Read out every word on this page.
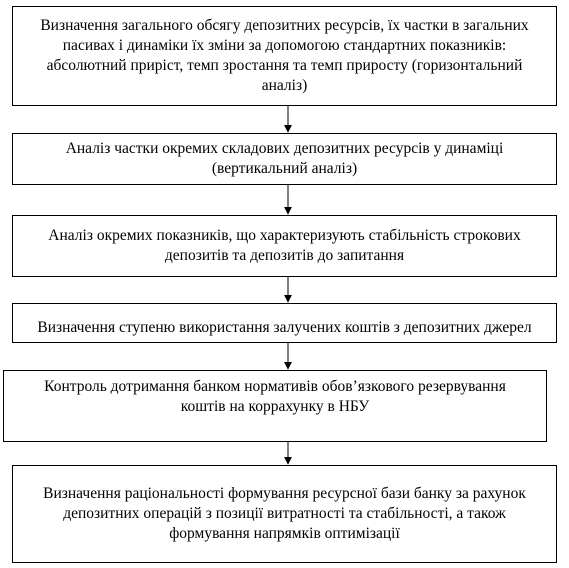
Визначення загального обсягу депозитних ресурсів, їх частки в загальних пасивах і динаміки їх зміни за допомогою стандартних показників: абсолютний приріст, темп зростання та темп приросту (горизонтальний аналіз)
Аналіз частки окремих складових депозитних ресурсів у динаміці (вертикальний аналіз)
Аналіз окремих показників, що характеризують стабільність строкових депозитів та депозитів до запитання
Визначення ступеню використання залучених коштів з депозитних джерел
Контроль дотримання банком нормативів обов’язкового резервування коштів на коррахунку в НБУ
Визначення раціональності формування ресурсної бази банку за рахунок депозитних операцій з позиції витратності та стабільності, а також формування напрямків оптимізації
